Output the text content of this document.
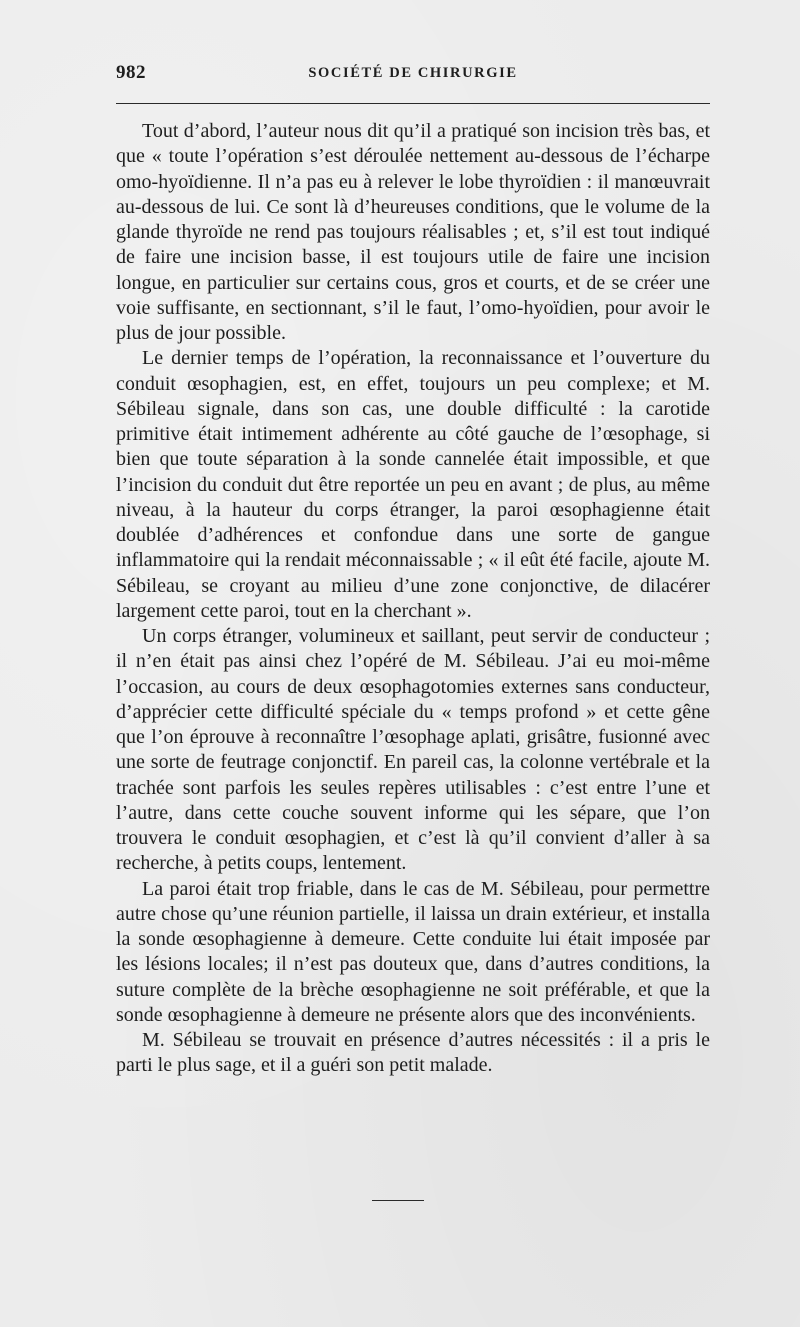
982	SOCIÉTÉ DE CHIRURGIE

Tout d’abord, l’auteur nous dit qu’il a pratiqué son incision très bas, et que « toute l’opération s’est déroulée nettement au-dessous de l’écharpe omo-hyoïdienne. Il n’a pas eu à relever le lobe thyroïdien : il manœuvrait au-dessous de lui. Ce sont là d’heureuses conditions, que le volume de la glande thyroïde ne rend pas toujours réalisables ; et, s’il est tout indiqué de faire une incision basse, il est toujours utile de faire une incision longue, en particulier sur certains cous, gros et courts, et de se créer une voie suffisante, en sectionnant, s’il le faut, l’omo-hyoïdien, pour avoir le plus de jour possible.

Le dernier temps de l’opération, la reconnaissance et l’ouverture du conduit œsophagien, est, en effet, toujours un peu complexe; et M. Sébileau signale, dans son cas, une double difficulté : la carotide primitive était intimement adhérente au côté gauche de l’œsophage, si bien que toute séparation à la sonde cannelée était impossible, et que l’incision du conduit dut être reportée un peu en avant ; de plus, au même niveau, à la hauteur du corps étranger, la paroi œsophagienne était doublée d’adhérences et confondue dans une sorte de gangue inflammatoire qui la rendait méconnaissable ; « il eût été facile, ajoute M. Sébileau, se croyant au milieu d’une zone conjonctive, de dilacérer largement cette paroi, tout en la cherchant ».

Un corps étranger, volumineux et saillant, peut servir de conducteur ; il n’en était pas ainsi chez l’opéré de M. Sébileau. J’ai eu moi-même l’occasion, au cours de deux œsophagotomies externes sans conducteur, d’apprécier cette difficulté spéciale du « temps profond » et cette gêne que l’on éprouve à reconnaître l’œsophage aplati, grisâtre, fusionné avec une sorte de feutrage conjonctif. En pareil cas, la colonne vertébrale et la trachée sont parfois les seules repères utilisables : c’est entre l’une et l’autre, dans cette couche souvent informe qui les sépare, que l’on trouvera le conduit œsophagien, et c’est là qu’il convient d’aller à sa recherche, à petits coups, lentement.

La paroi était trop friable, dans le cas de M. Sébileau, pour permettre autre chose qu’une réunion partielle, il laissa un drain extérieur, et installa la sonde œsophagienne à demeure. Cette conduite lui était imposée par les lésions locales; il n’est pas douteux que, dans d’autres conditions, la suture complète de la brèche œsophagienne ne soit préférable, et que la sonde œsophagienne à demeure ne présente alors que des inconvénients.

M. Sébileau se trouvait en présence d’autres nécessités : il a pris le parti le plus sage, et il a guéri son petit malade.
